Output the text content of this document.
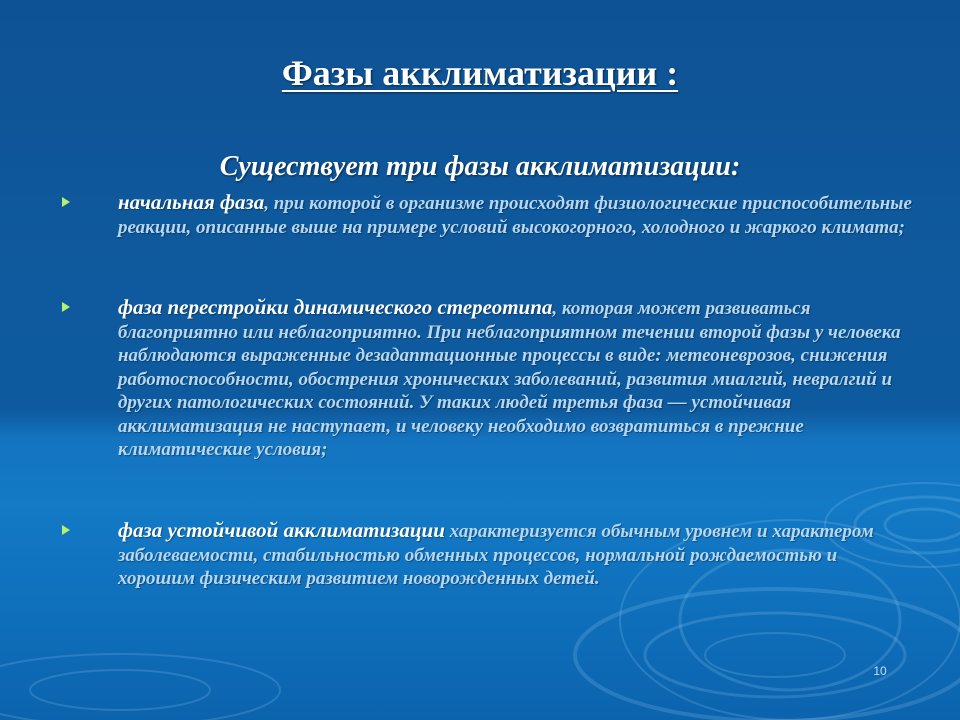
Фазы акклиматизации :
Существует три фазы акклиматизации:
начальная фаза, при которой в организме происходят физиологические приспособительные реакции, описанные выше на примере условий высокогорного, холодного и жаркого климата;
фаза перестройки динамического стереотипа, которая может развиваться благоприятно или неблагоприятно. При неблагоприятном течении второй фазы у человека наблюдаются выраженные дезадаптационные процессы в виде: метеоневрозов, снижения работоспособности, обострения хронических заболеваний, развития миалгий, невралгий и других патологических состояний. У таких людей третья фаза — устойчивая акклиматизация не наступает, и человеку необходимо возвратиться в прежние климатические условия;
фаза устойчивой акклиматизации характеризуется обычным уровнем и характером заболеваемости, стабильностью обменных процессов, нормальной рождаемостью и хорошим физическим развитием новорожденных детей.
10
